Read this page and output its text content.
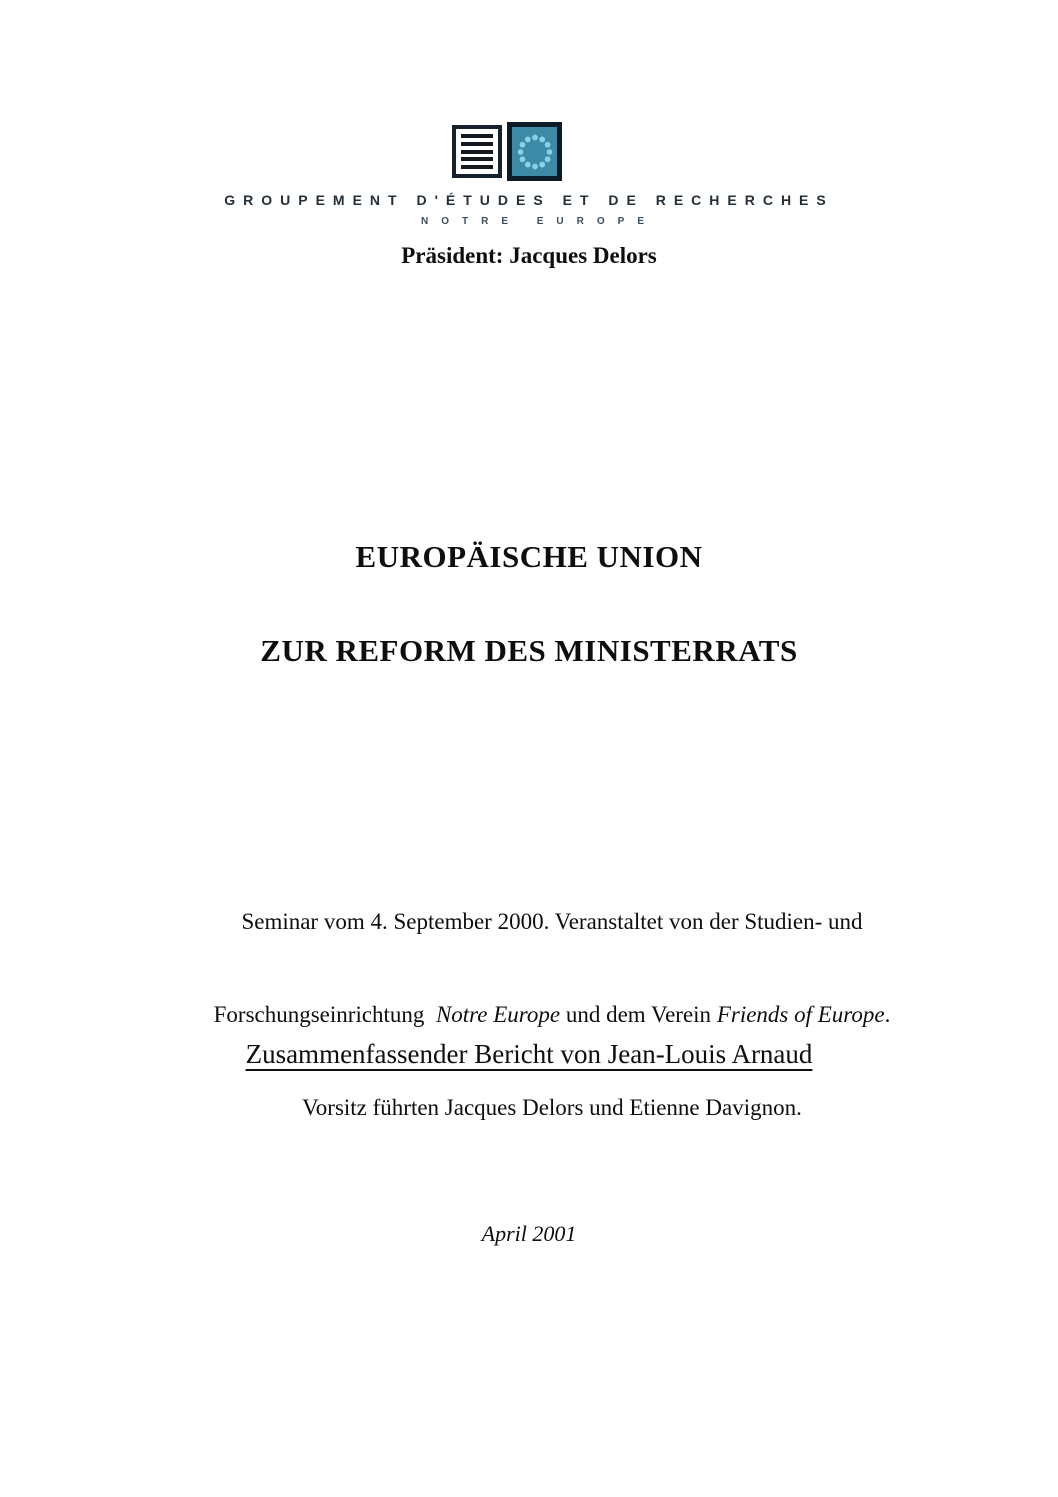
GROUPEMENT D'ÉTUDES ET DE RECHERCHES
NOTRE EUROPE
Präsident: Jacques Delors
EUROPÄISCHE UNION
ZUR REFORM DES MINISTERRATS

Seminar vom 4. September 2000. Veranstaltet von der Studien- und

Forschungseinrichtung  Notre Europe und dem Verein Friends of Europe.

Vorsitz führten Jacques Delors und Etienne Davignon.

Zusammenfassender Bericht von Jean-Louis Arnaud
April 2001
